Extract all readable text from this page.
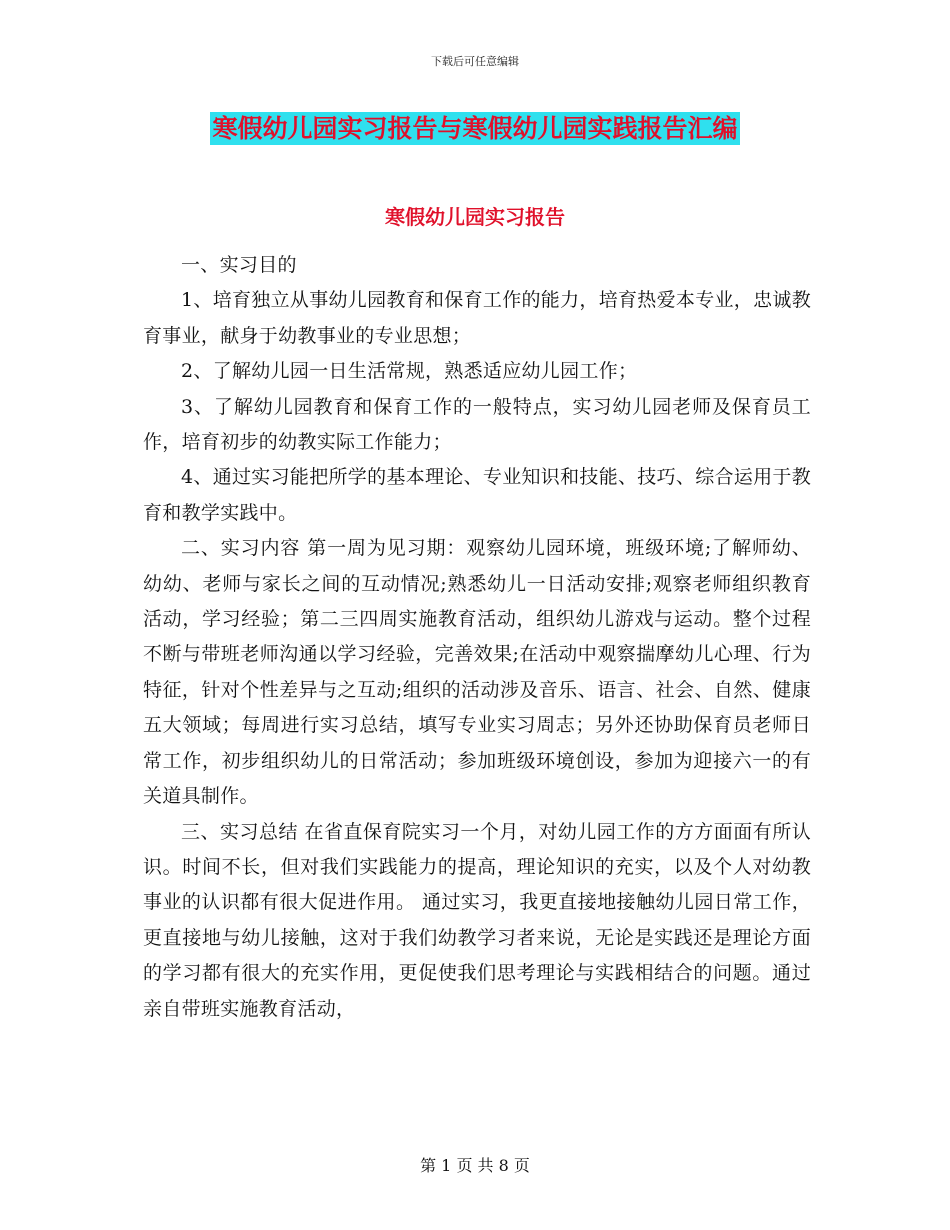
下载后可任意编辑
寒假幼儿园实习报告与寒假幼儿园实践报告汇编
寒假幼儿园实习报告

一、实习目的

1、培育独立从事幼儿园教育和保育工作的能力，培育热爱本专业，忠诚教育事业，献身于幼教事业的专业思想；

2、了解幼儿园一日生活常规，熟悉适应幼儿园工作；

3、了解幼儿园教育和保育工作的一般特点，实习幼儿园老师及保育员工作，培育初步的幼教实际工作能力；

4、通过实习能把所学的基本理论、专业知识和技能、技巧、综合运用于教育和教学实践中。

二、实习内容 第一周为见习期：观察幼儿园环境，班级环境;了解师幼、幼幼、老师与家长之间的互动情况;熟悉幼儿一日活动安排;观察老师组织教育活动，学习经验；第二三四周实施教育活动，组织幼儿游戏与运动。整个过程不断与带班老师沟通以学习经验，完善效果;在活动中观察揣摩幼儿心理、行为特征，针对个性差异与之互动;组织的活动涉及音乐、语言、社会、自然、健康五大领域；每周进行实习总结，填写专业实习周志；另外还协助保育员老师日常工作，初步组织幼儿的日常活动；参加班级环境创设，参加为迎接六一的有关道具制作。

三、实习总结 在省直保育院实习一个月，对幼儿园工作的方方面面有所认识。时间不长，但对我们实践能力的提高，理论知识的充实，以及个人对幼教事业的认识都有很大促进作用。 通过实习，我更直接地接触幼儿园日常工作，更直接地与幼儿接触，这对于我们幼教学习者来说，无论是实践还是理论方面的学习都有很大的充实作用，更促使我们思考理论与实践相结合的问题。通过亲自带班实施教育活动，

第 1 页 共 8 页
